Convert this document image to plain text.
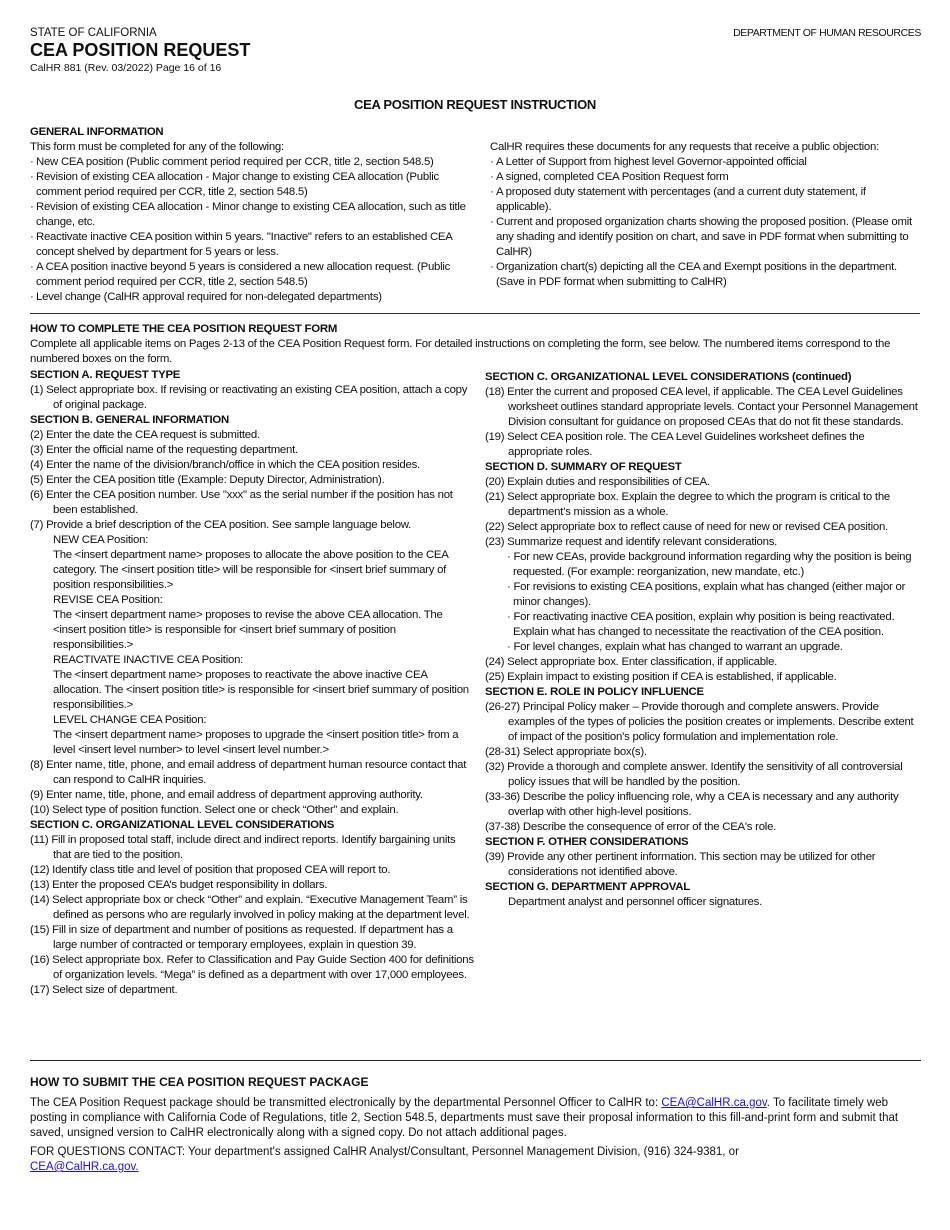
STATE OF CALIFORNIA
CEA POSITION REQUEST
CalHR 881 (Rev. 03/2022) Page 16 of 16
DEPARTMENT OF HUMAN RESOURCES
CEA POSITION REQUEST INSTRUCTION
GENERAL INFORMATION
This form must be completed for any of the following:
· New CEA position (Public comment period required per CCR, title 2, section 548.5)
· Revision of existing CEA allocation - Major change to existing CEA allocation (Public comment period required per CCR, title 2, section 548.5)
· Revision of existing CEA allocation - Minor change to existing CEA allocation, such as title change, etc.
· Reactivate inactive CEA position within 5 years. "Inactive" refers to an established CEA concept shelved by department for 5 years or less.
· A CEA position inactive beyond 5 years is considered a new allocation request. (Public comment period required per CCR, title 2, section 548.5)
· Level change (CalHR approval required for non-delegated departments)
CalHR requires these documents for any requests that receive a public objection:
· A Letter of Support from highest level Governor-appointed official
· A signed, completed CEA Position Request form
· A proposed duty statement with percentages (and a current duty statement, if applicable).
· Current and proposed organization charts showing the proposed position. (Please omit any shading and identify position on chart, and save in PDF format when submitting to CalHR)
· Organization chart(s) depicting all the CEA and Exempt positions in the department. (Save in PDF format when submitting to CalHR)
HOW TO COMPLETE THE CEA POSITION REQUEST FORM
Complete all applicable items on Pages 2-13 of the CEA Position Request form. For detailed instructions on completing the form, see below. The numbered items correspond to the numbered boxes on the form.
SECTION A. REQUEST TYPE
(1) Select appropriate box. If revising or reactivating an existing CEA position, attach a copy of original package.
SECTION B. GENERAL INFORMATION
(2) Enter the date the CEA request is submitted.
(3) Enter the official name of the requesting department.
(4) Enter the name of the division/branch/office in which the CEA position resides.
(5) Enter the CEA position title (Example: Deputy Director, Administration).
(6) Enter the CEA position number. Use "xxx" as the serial number if the position has not been established.
(7) Provide a brief description of the CEA position. See sample language below.
NEW CEA Position:
The <insert department name> proposes to allocate the above position to the CEA category. The <insert position title> will be responsible for <insert brief summary of position responsibilities.>
REVISE CEA Position:
The <insert department name> proposes to revise the above CEA allocation. The <insert position title> is responsible for <insert brief summary of position responsibilities.>
REACTIVATE INACTIVE CEA Position:
The <insert department name> proposes to reactivate the above inactive CEA allocation. The <insert position title> is responsible for <insert brief summary of position responsibilities.>
LEVEL CHANGE CEA Position:
The <insert department name> proposes to upgrade the <insert position title> from a level <insert level number> to level <insert level number.>
(8) Enter name, title, phone, and email address of department human resource contact that can respond to CalHR inquiries.
(9) Enter name, title, phone, and email address of department approving authority.
(10) Select type of position function. Select one or check “Other” and explain.
SECTION C. ORGANIZATIONAL LEVEL CONSIDERATIONS
(11) Fill in proposed total staff, include direct and indirect reports. Identify bargaining units that are tied to the position.
(12) Identify class title and level of position that proposed CEA will report to.
(13) Enter the proposed CEA’s budget responsibility in dollars.
(14) Select appropriate box or check “Other” and explain. “Executive Management Team” is defined as persons who are regularly involved in policy making at the department level.
(15) Fill in size of department and number of positions as requested. If department has a large number of contracted or temporary employees, explain in question 39.
(16) Select appropriate box. Refer to Classification and Pay Guide Section 400 for definitions of organization levels. “Mega” is defined as a department with over 17,000 employees.
(17) Select size of department.
SECTION C. ORGANIZATIONAL LEVEL CONSIDERATIONS (continued)
(18) Enter the current and proposed CEA level, if applicable. The CEA Level Guidelines worksheet outlines standard appropriate levels. Contact your Personnel Management Division consultant for guidance on proposed CEAs that do not fit these standards.
(19) Select CEA position role. The CEA Level Guidelines worksheet defines the appropriate roles.
SECTION D. SUMMARY OF REQUEST
(20) Explain duties and responsibilities of CEA.
(21) Select appropriate box. Explain the degree to which the program is critical to the department’s mission as a whole.
(22) Select appropriate box to reflect cause of need for new or revised CEA position.
(23) Summarize request and identify relevant considerations.
· For new CEAs, provide background information regarding why the position is being requested. (For example: reorganization, new mandate, etc.)
· For revisions to existing CEA positions, explain what has changed (either major or minor changes).
· For reactivating inactive CEA position, explain why position is being reactivated. Explain what has changed to necessitate the reactivation of the CEA position.
· For level changes, explain what has changed to warrant an upgrade.
(24) Select appropriate box. Enter classification, if applicable.
(25) Explain impact to existing position if CEA is established, if applicable.
SECTION E. ROLE IN POLICY INFLUENCE
(26-27) Principal Policy maker – Provide thorough and complete answers. Provide examples of the types of policies the position creates or implements. Describe extent of impact of the position’s policy formulation and implementation role.
(28-31) Select appropriate box(s).
(32) Provide a thorough and complete answer. Identify the sensitivity of all controversial policy issues that will be handled by the position.
(33-36) Describe the policy influencing role, why a CEA is necessary and any authority overlap with other high-level positions.
(37-38) Describe the consequence of error of the CEA's role.
SECTION F. OTHER CONSIDERATIONS
(39) Provide any other pertinent information. This section may be utilized for other considerations not identified above.
SECTION G. DEPARTMENT APPROVAL
Department analyst and personnel officer signatures.
HOW TO SUBMIT THE CEA POSITION REQUEST PACKAGE

The CEA Position Request package should be transmitted electronically by the departmental Personnel Officer to CalHR to: CEA@CalHR.ca.gov. To facilitate timely web posting in compliance with California Code of Regulations, title 2, Section 548.5, departments must save their proposal information to this fill-and-print form and submit that saved, unsigned version to CalHR electronically along with a signed copy. Do not attach additional pages.

FOR QUESTIONS CONTACT: Your department's assigned CalHR Analyst/Consultant, Personnel Management Division, (916) 324-9381, or
CEA@CalHR.ca.gov.
